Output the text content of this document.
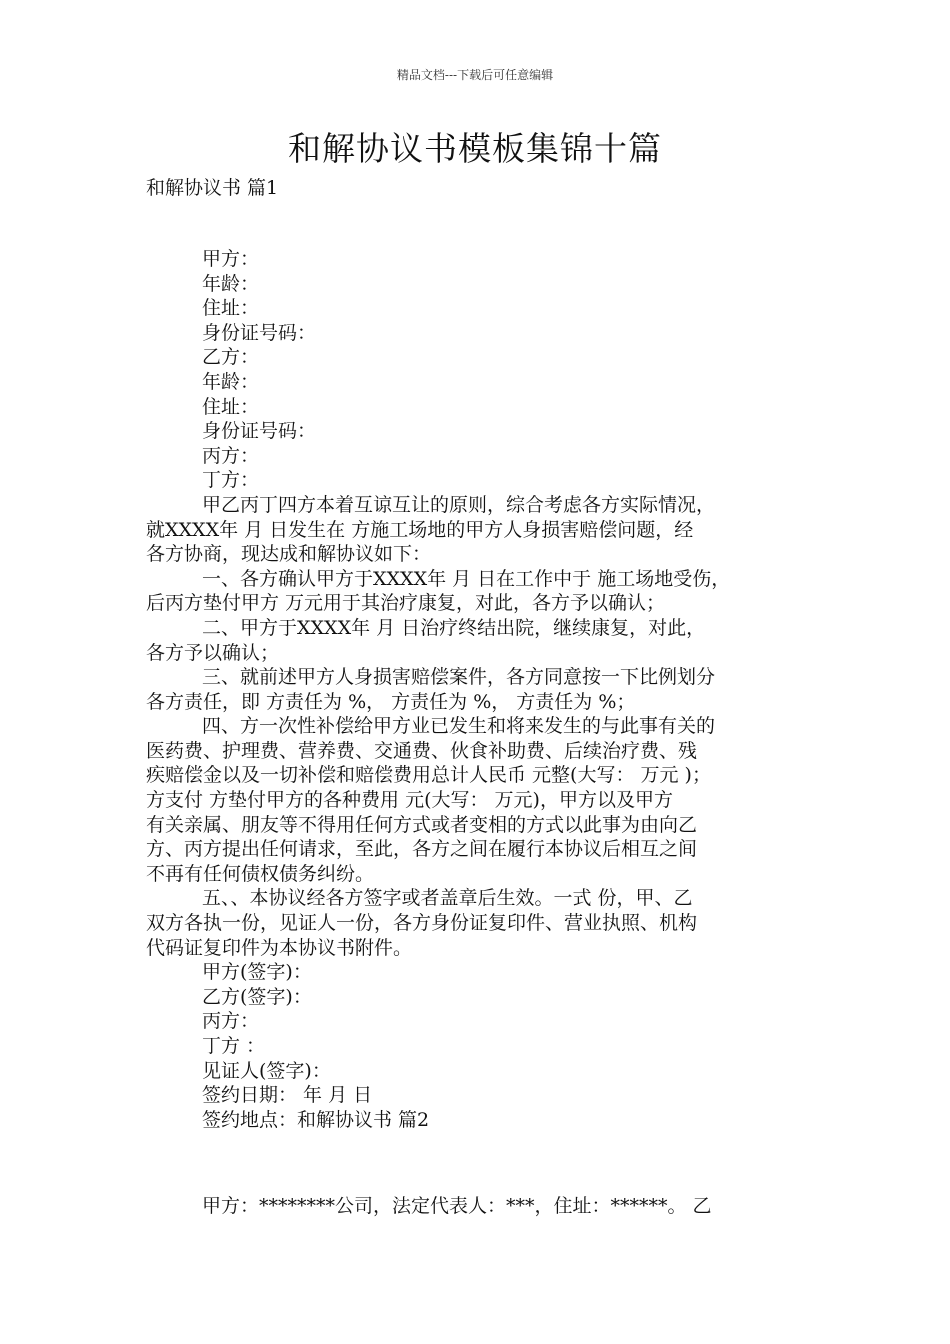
精品文档---下载后可任意编辑
和解协议书模板集锦十篇
和解协议书 篇1

甲方：

年龄：

住址：

身份证号码：

乙方：

年龄：

住址：

身份证号码：

丙方：

丁方：

甲乙丙丁四方本着互谅互让的原则，综合考虑各方实际情况，

就XXXX年 月 日发生在 方施工场地的甲方人身损害赔偿问题，经

各方协商，现达成和解协议如下：

一、各方确认甲方于XXXX年 月 日在工作中于 施工场地受伤，

后丙方垫付甲方 万元用于其治疗康复，对此，各方予以确认；

二、甲方于XXXX年 月 日治疗终结出院，继续康复，对此，

各方予以确认；

三、就前述甲方人身损害赔偿案件，各方同意按一下比例划分

各方责任，即 方责任为 %， 方责任为 %， 方责任为 %；

四、方一次性补偿给甲方业已发生和将来发生的与此事有关的

医药费、护理费、营养费、交通费、伙食补助费、后续治疗费、残

疾赔偿金以及一切补偿和赔偿费用总计人民币 元整(大写： 万元 )；

方支付 方垫付甲方的各种费用 元(大写： 万元)，甲方以及甲方

有关亲属、朋友等不得用任何方式或者变相的方式以此事为由向乙

方、丙方提出任何请求，至此，各方之间在履行本协议后相互之间

不再有任何债权债务纠纷。

五、、本协议经各方签字或者盖章后生效。一式 份，甲、乙

双方各执一份，见证人一份，各方身份证复印件、营业执照、机构

代码证复印件为本协议书附件。

甲方(签字)：

乙方(签字)：

丙方：

丁方 ：

见证人(签字)：

签约日期： 年 月 日

签约地点：和解协议书 篇2

甲方：********公司，法定代表人：***，住址：******。 乙
